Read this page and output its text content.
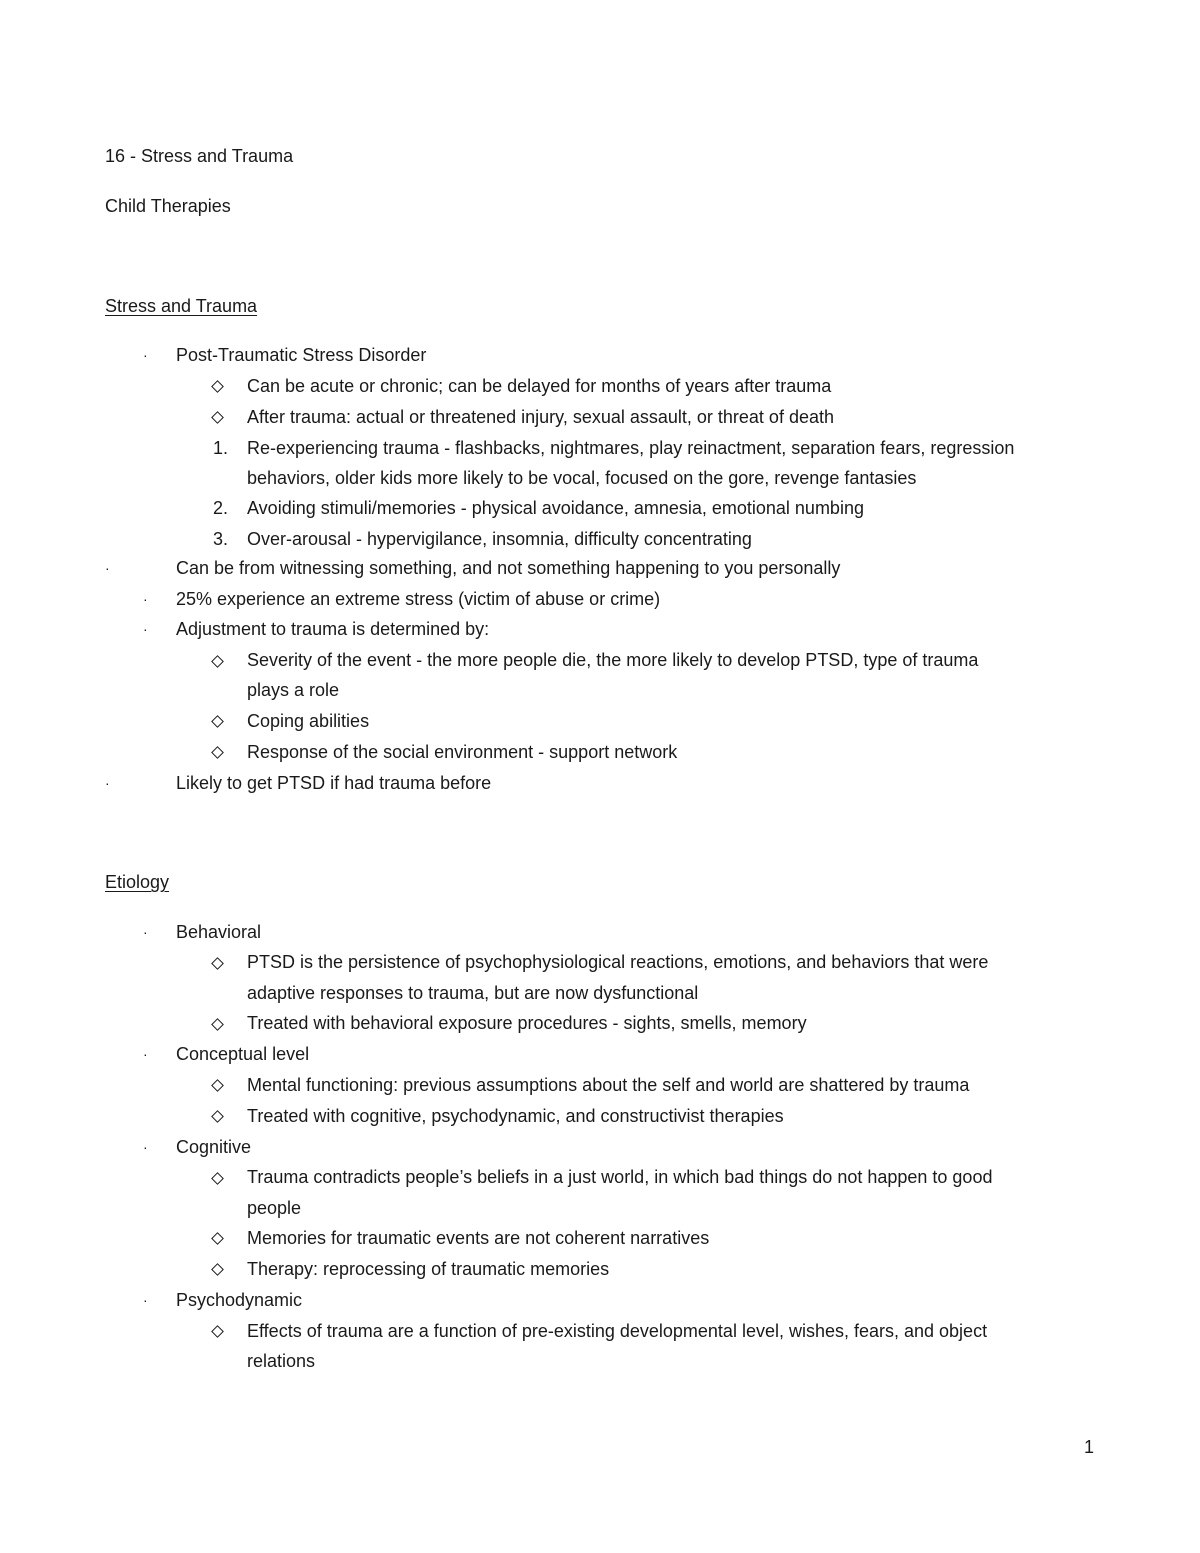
16 - Stress and Trauma
Child Therapies
Stress and Trauma
· Post-Traumatic Stress Disorder
Can be acute or chronic; can be delayed for months of years after trauma
After trauma: actual or threatened injury, sexual assault, or threat of death
1. Re-experiencing trauma - flashbacks, nightmares, play reinactment, separation fears, regression
behaviors, older kids more likely to be vocal, focused on the gore, revenge fantasies
2. Avoiding stimuli/memories - physical avoidance, amnesia, emotional numbing
3. Over-arousal - hypervigilance, insomnia, difficulty concentrating
·	Can be from witnessing something, and not something happening to you personally
· 25% experience an extreme stress (victim of abuse or crime)
· Adjustment to trauma is determined by:
Severity of the event - the more people die, the more likely to develop PTSD, type of trauma
plays a role
Coping abilities
Response of the social environment - support network
·	Likely to get PTSD if had trauma before
Etiology
· Behavioral
PTSD is the persistence of psychophysiological reactions, emotions, and behaviors that were
adaptive responses to trauma, but are now dysfunctional
Treated with behavioral exposure procedures - sights, smells, memory
· Conceptual level
Mental functioning: previous assumptions about the self and world are shattered by trauma
Treated with cognitive, psychodynamic, and constructivist therapies
· Cognitive
Trauma contradicts people’s beliefs in a just world, in which bad things do not happen to good
people
Memories for traumatic events are not coherent narratives
Therapy: reprocessing of traumatic memories
· Psychodynamic
Effects of trauma are a function of pre-existing developmental level, wishes, fears, and object
relations
1
